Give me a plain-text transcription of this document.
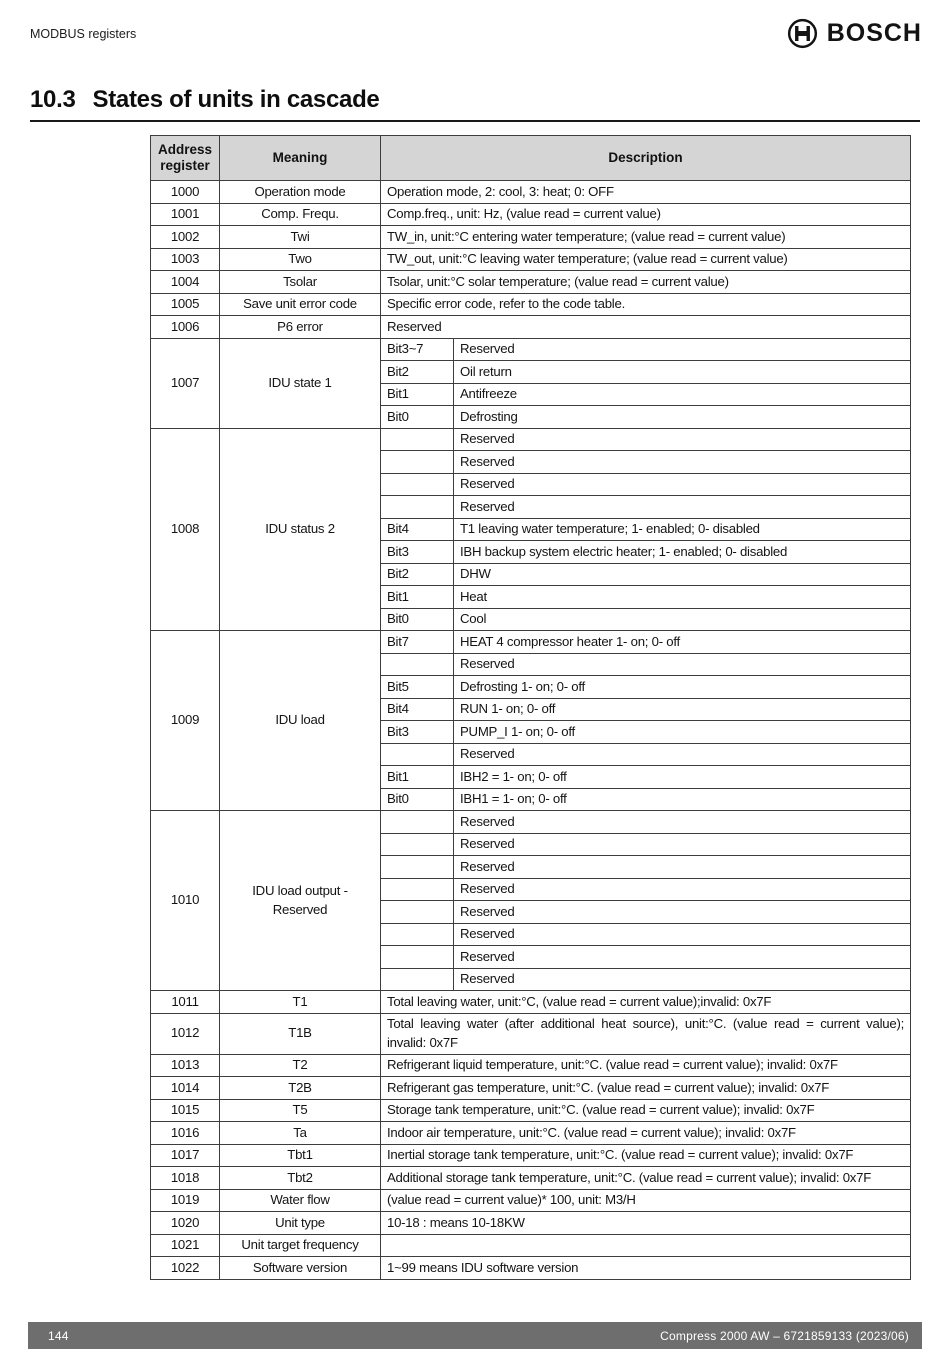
MODBUS registers	BOSCH
10.3 States of units in cascade
Address register	Meaning	Description	
1000	Operation mode	Operation mode, 2: cool, 3: heat; 0: OFF	
1001	Comp. Frequ.	Comp.freq., unit: Hz, (value read = current value)	
1002	Twi	TW_in, unit:°C entering water temperature; (value read = current value)	
1003	Two	TW_out, unit:°C leaving water temperature; (value read = current value)	
1004	Tsolar	Tsolar, unit:°C solar temperature; (value read = current value)	
1005	Save unit error code	Specific error code, refer to the code table.	
1006	P6 error	Reserved	
1007	IDU state 1	Bit3~7	Reserved
		Bit2	Oil return
		Bit1	Antifreeze
		Bit0	Defrosting
1008	IDU status 2		Reserved
			Reserved
			Reserved
			Reserved
		Bit4	T1 leaving water temperature; 1- enabled; 0- disabled
		Bit3	IBH backup system electric heater; 1- enabled; 0- disabled
		Bit2	DHW
		Bit1	Heat
		Bit0	Cool
1009	IDU load	Bit7	HEAT 4 compressor heater 1- on; 0- off
			Reserved
		Bit5	Defrosting 1- on; 0- off
		Bit4	RUN 1- on; 0- off
		Bit3	PUMP_I 1- on; 0- off
			Reserved
		Bit1	IBH2 = 1- on; 0- off
		Bit0	IBH1 = 1- on; 0- off
1010	IDU load output - Reserved		Reserved
			Reserved
			Reserved
			Reserved
			Reserved
			Reserved
			Reserved
			Reserved
1011	T1	Total leaving water, unit:°C, (value read = current value);invalid: 0x7F	
1012	T1B	Total leaving water (after additional heat source), unit:°C. (value read = current value); invalid: 0x7F	
1013	T2	Refrigerant liquid temperature, unit:°C. (value read = current value); invalid: 0x7F	
1014	T2B	Refrigerant gas temperature, unit:°C. (value read = current value); invalid: 0x7F	
1015	T5	Storage tank temperature, unit:°C. (value read = current value); invalid: 0x7F	
1016	Ta	Indoor air temperature, unit:°C. (value read = current value); invalid: 0x7F	
1017	Tbt1	Inertial storage tank temperature, unit:°C. (value read = current value); invalid: 0x7F	
1018	Tbt2	Additional storage tank temperature, unit:°C. (value read = current value); invalid: 0x7F	
1019	Water flow	(value read = current value)* 100, unit: M3/H	
1020	Unit type	10-18 : means 10-18KW	
1021	Unit target frequency		
1022	Software version	1~99 means IDU software version	
144	Compress 2000 AW – 6721859133 (2023/06)
